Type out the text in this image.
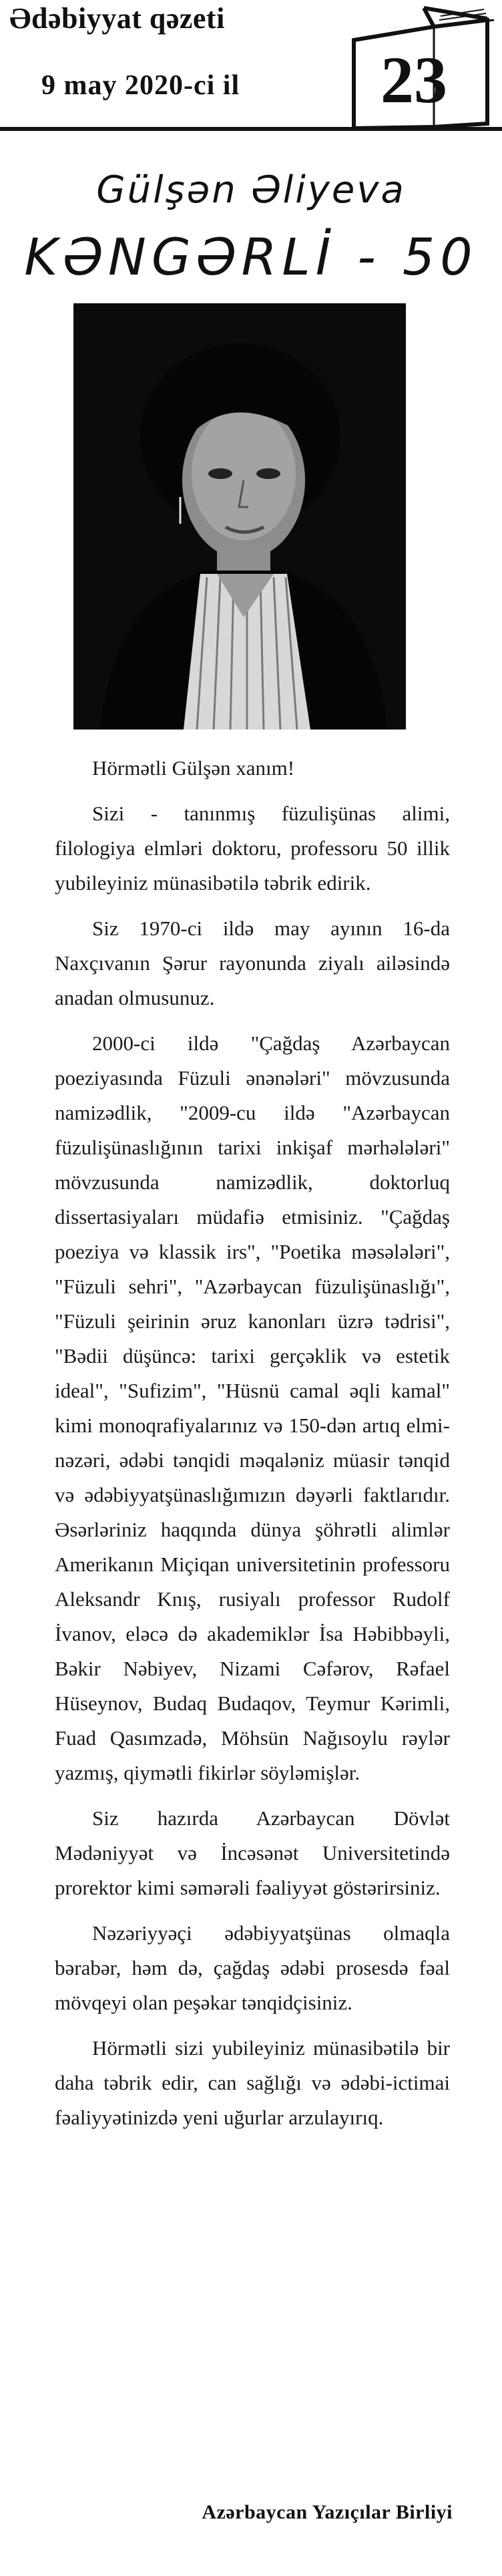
Ədəbiyyat qəzeti
9 may 2020-ci il	23
Gülşən Əliyeva
KƏNGƏRLİ - 50

Hörmətli Gülşən xanım!

Sizi - tanınmış füzulişünas alimi, filologiya elmləri doktoru, professoru 50 illik yubileyiniz münasibətilə təbrik edirik.

Siz 1970-ci ildə may ayının 16-da Naxçıvanın Şərur rayonunda ziyalı ailəsində anadan olmusunuz.

2000-ci ildə "Çağdaş Azərbaycan poeziyasında Füzuli ənənələri" mövzusunda namizədlik, "2009-cu ildə "Azərbaycan füzulişünaslığının tarixi inkişaf mərhələləri" mövzusunda namizədlik, doktorluq dissertasiyaları müdafiə etmisiniz. "Çağdaş poeziya və klassik irs", "Poetika məsələləri", "Füzuli sehri", "Azərbaycan füzulişünaslığı", "Füzuli şeirinin əruz kanonları üzrə tədrisi", "Bədii düşüncə: tarixi gerçəklik və estetik ideal", "Sufizim", "Hüsnü camal əqli kamal" kimi monoqrafiyalarınız və 150-dən artıq elmi-nəzəri, ədəbi tənqidi məqaləniz müasir tənqid və ədəbiyyatşünaslığımızın dəyərli faktlarıdır. Əsərləriniz haqqında dünya şöhrətli alimlər Amerikanın Miçiqan universitetinin professoru Aleksandr Knış, rusiyalı professor Rudolf İvanov, eləcə də akademiklər İsa Həbibbəyli, Bəkir Nəbiyev, Nizami Cəfərov, Rəfael Hüseynov, Budaq Budaqov, Teymur Kərimli, Fuad Qasımzadə, Möhsün Nağısoylu rəylər yazmış, qiymətli fikirlər söyləmişlər.

Siz hazırda Azərbaycan Dövlət Mədəniyyət və İncəsənət Universitetində prorektor kimi səmərəli fəaliyyət göstərirsiniz.

Nəzəriyyəçi ədəbiyyatşünas olmaqla bərabər, həm də, çağdaş ədəbi prosesdə fəal mövqeyi olan peşəkar tənqidçisiniz.

Hörmətli sizi yubileyiniz münasibətilə bir daha təbrik edir, can sağlığı və ədəbi-ictimai fəaliyyətinizdə yeni uğurlar arzulayırıq.

Azərbaycan Yazıçılar Birliyi
